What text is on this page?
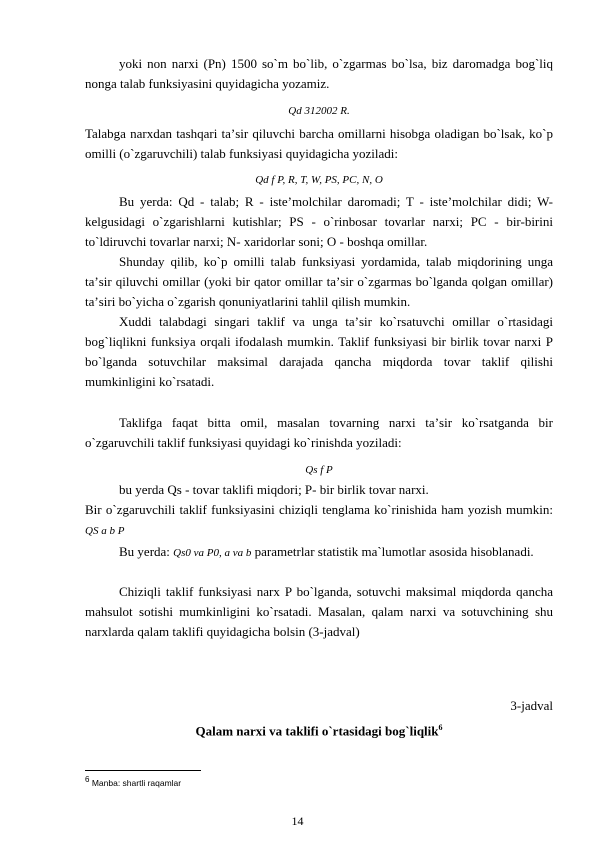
yoki non narxi (Pn) 1500 so`m bo`lib, o`zgarmas bo`lsa, biz daromadga bog`liq nonga talab funksiyasini quyidagicha yozamiz.

Qd 312002 R.

Talabga narxdan tashqari taʼsir qiluvchi barcha omillarni hisobga oladigan bo`lsak, ko`p omilli (o`zgaruvchili) talab funksiyasi quyidagicha yoziladi:

Qd f P, R, T, W, PS, PC, N, O

Bu yerda: Qd - talab; R - isteʼmolchilar daromadi; T - isteʼmolchilar didi; W- kelgusidagi o`zgarishlarni kutishlar; PS - o`rinbosar tovarlar narxi; PC - bir-birini to`ldiruvchi tovarlar narxi; N- xaridorlar soni; O - boshqa omillar.

Shunday qilib, ko`p omilli talab funksiyasi yordamida, talab miqdorining unga taʼsir qiluvchi omillar (yoki bir qator omillar taʼsir o`zgarmas bo`lganda qolgan omillar) taʼsiri bo`yicha o`zgarish qonuniyatlarini tahlil qilish mumkin.

Xuddi talabdagi singari taklif va unga taʼsir ko`rsatuvchi omillar o`rtasidagi bog`liqlikni funksiya orqali ifodalash mumkin. Taklif funksiyasi bir birlik tovar narxi P bo`lganda sotuvchilar maksimal darajada qancha miqdorda tovar taklif qilishi mumkinligini ko`rsatadi.

Taklifga faqat bitta omil, masalan tovarning narxi taʼsir ko`rsatganda bir o`zgaruvchili taklif funksiyasi quyidagi ko`rinishda yoziladi:

Qs f P

bu yerda Qs - tovar taklifi miqdori; P- bir birlik tovar narxi.

Bir o`zgaruvchili taklif funksiyasini chiziqli tenglama ko`rinishida ham yozish mumkin: QS a b P

Bu yerda: Qs0 va P0, a va b parametrlar statistik ma`lumotlar asosida hisoblanadi.

Chiziqli taklif funksiyasi narx P bo`lganda, sotuvchi maksimal miqdorda qancha mahsulot sotishi mumkinligini ko`rsatadi. Masalan, qalam narxi va sotuvchining shu narxlarda qalam taklifi quyidagicha bolsin (3-jadval)

3-jadval
Qalam narxi va taklifi o`rtasidagi bog`liqlik$^6$
$^6$ Manba: shartli raqamlar
14
